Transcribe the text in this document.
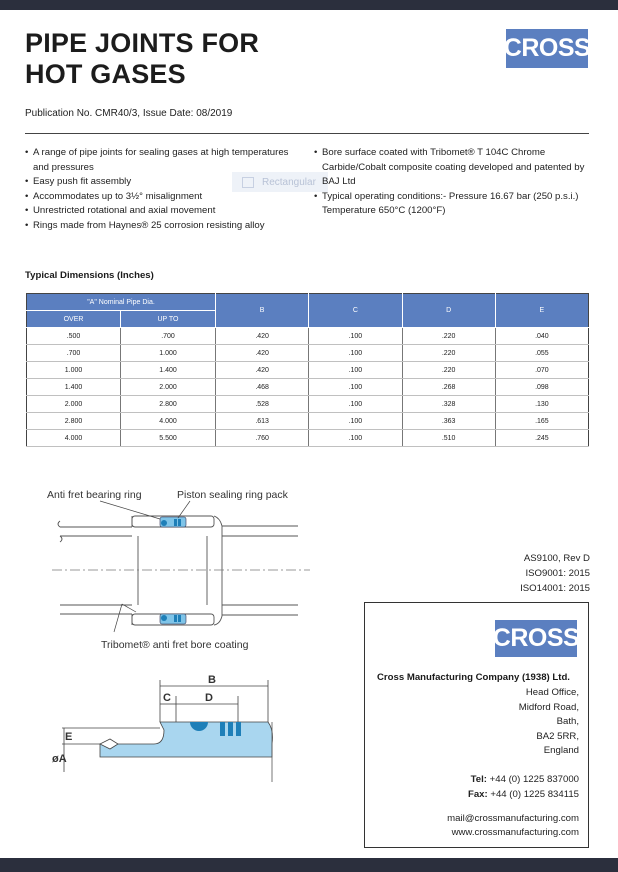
PIPE JOINTS FOR
HOT GASES
CROSS
Publication No. CMR40/3, Issue Date: 08/2019
• A range of pipe joints for sealing gases at high temperatures and pressures
• Easy push fit assembly
• Accommodates up to 3½° misalignment
• Unrestricted rotational and axial movement
• Rings made from Haynes® 25 corrosion resisting alloy
Rectangular
• Bore surface coated with Tribomet® T 104C Chrome Carbide/Cobalt composite coating developed and patented by BAJ Ltd
• Typical operating conditions:- Pressure 16.67 bar (250 p.s.i.) Temperature 650°C (1200°F)
Typical Dimensions (Inches)
"A" Nominal Pipe Dia.		B	C	D	E
OVER	UP TO				
.500	.700	.420	.100	.220	.040
.700	1.000	.420	.100	.220	.055
1.000	1.400	.420	.100	.220	.070
1.400	2.000	.468	.100	.268	.098
2.000	2.800	.528	.100	.328	.130
2.800	4.000	.613	.100	.363	.165
4.000	5.500	.760	.100	.510	.245
Anti fret bearing ring	Piston sealing ring pack
Tribomet® anti fret bore coating
B
C	D
E
øA
AS9100, Rev D
ISO9001: 2015
ISO14001: 2015
CROSS
Cross Manufacturing Company (1938) Ltd.
Head Office,
Midford Road,
Bath,
BA2 5RR,
England
Tel: +44 (0) 1225 837000
Fax: +44 (0) 1225 834115
mail@crossmanufacturing.com
www.crossmanufacturing.com
